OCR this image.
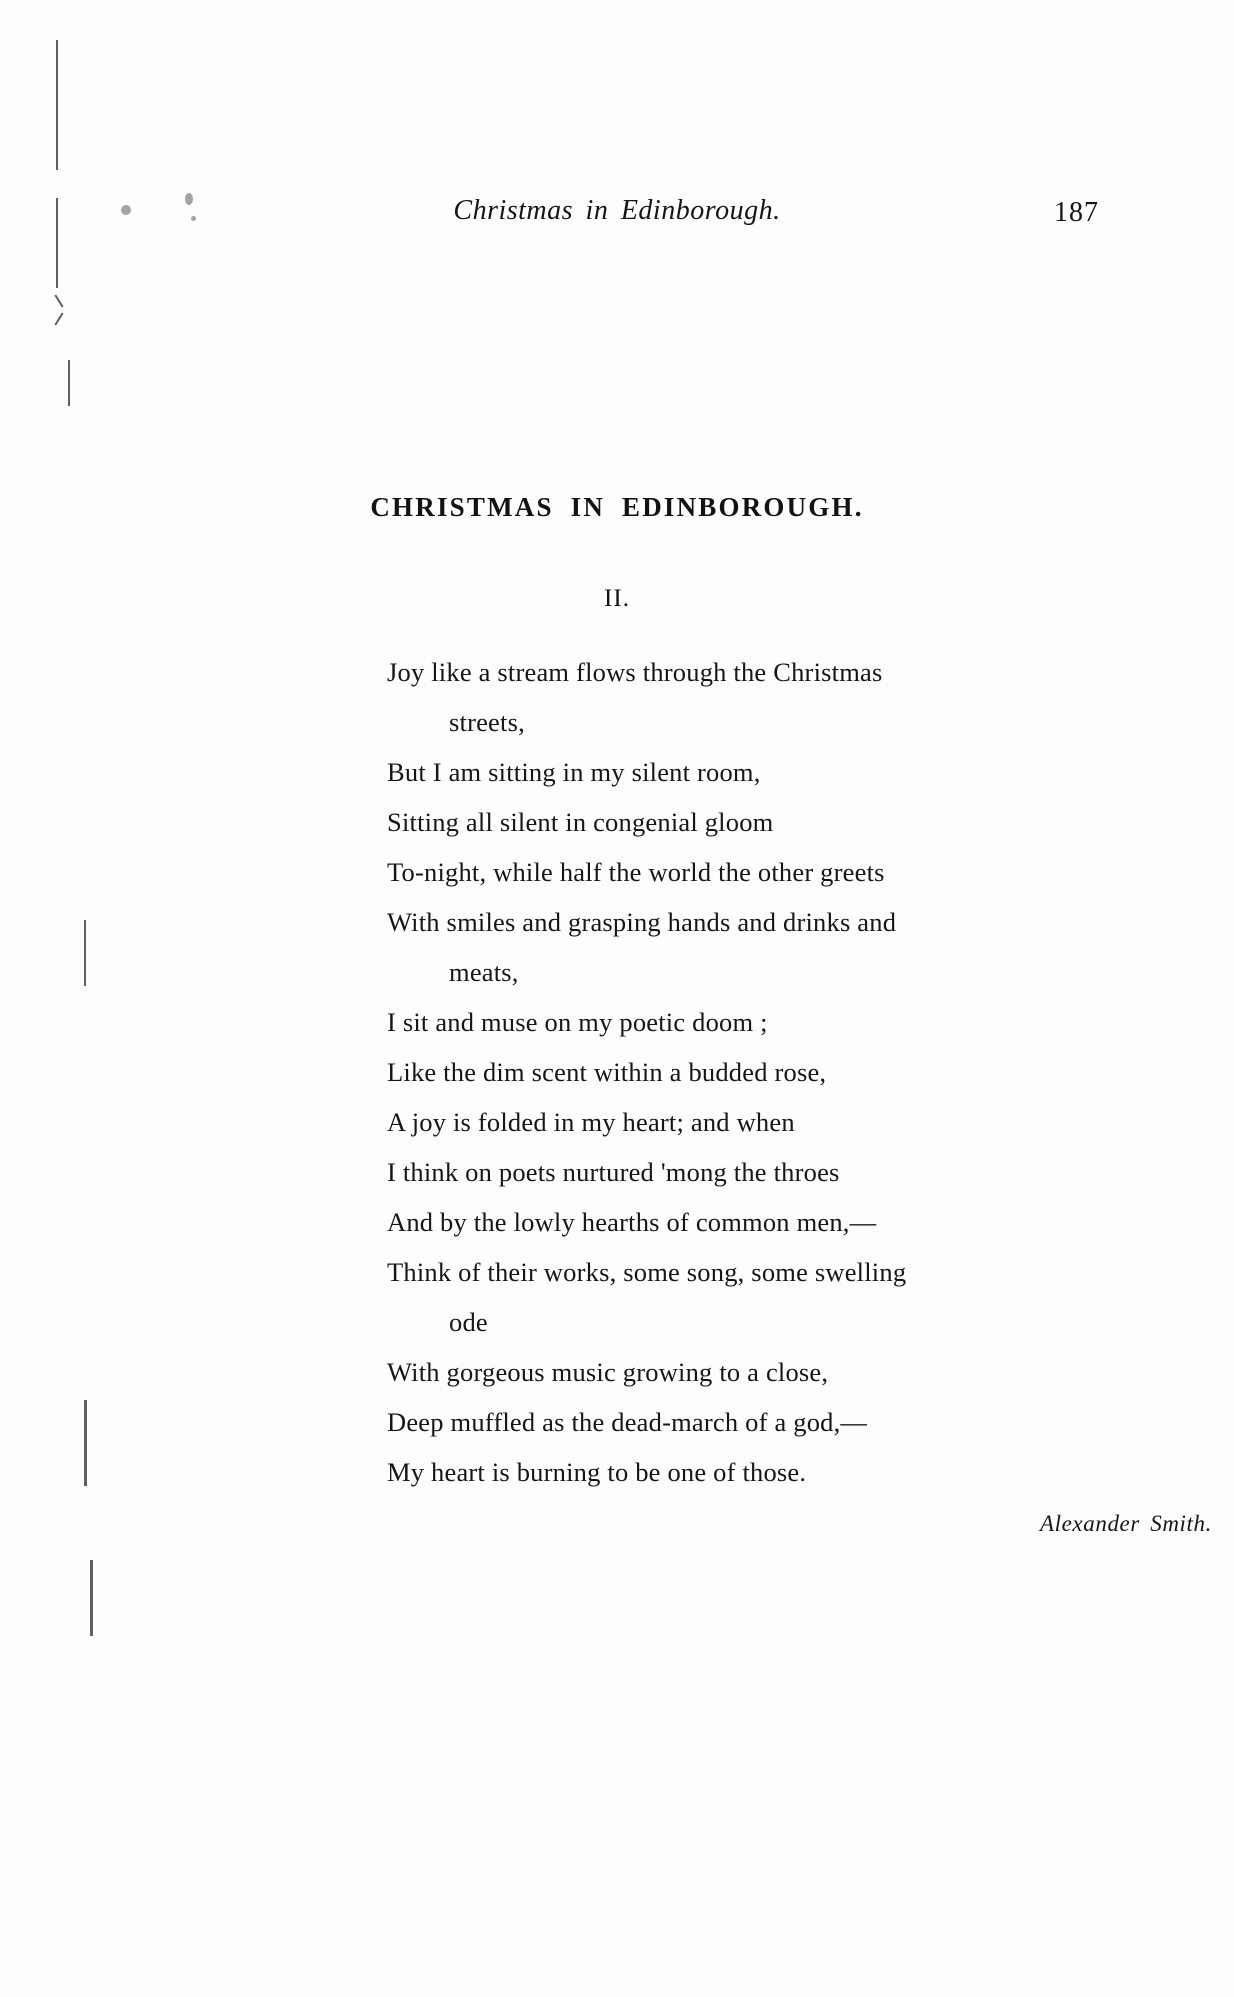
Christmas in Edinborough.	187
CHRISTMAS IN EDINBOROUGH.
II.
Joy like a stream flows through the Christmas
streets,
But I am sitting in my silent room,
Sitting all silent in congenial gloom
To-night, while half the world the other greets
With smiles and grasping hands and drinks and
meats,
I sit and muse on my poetic doom ;
Like the dim scent within a budded rose,
A joy is folded in my heart; and when
I think on poets nurtured 'mong the throes
And by the lowly hearths of common men,—
Think of their works, some song, some swelling
ode
With gorgeous music growing to a close,
Deep muffled as the dead-march of a god,—
My heart is burning to be one of those.
Alexander Smith.
